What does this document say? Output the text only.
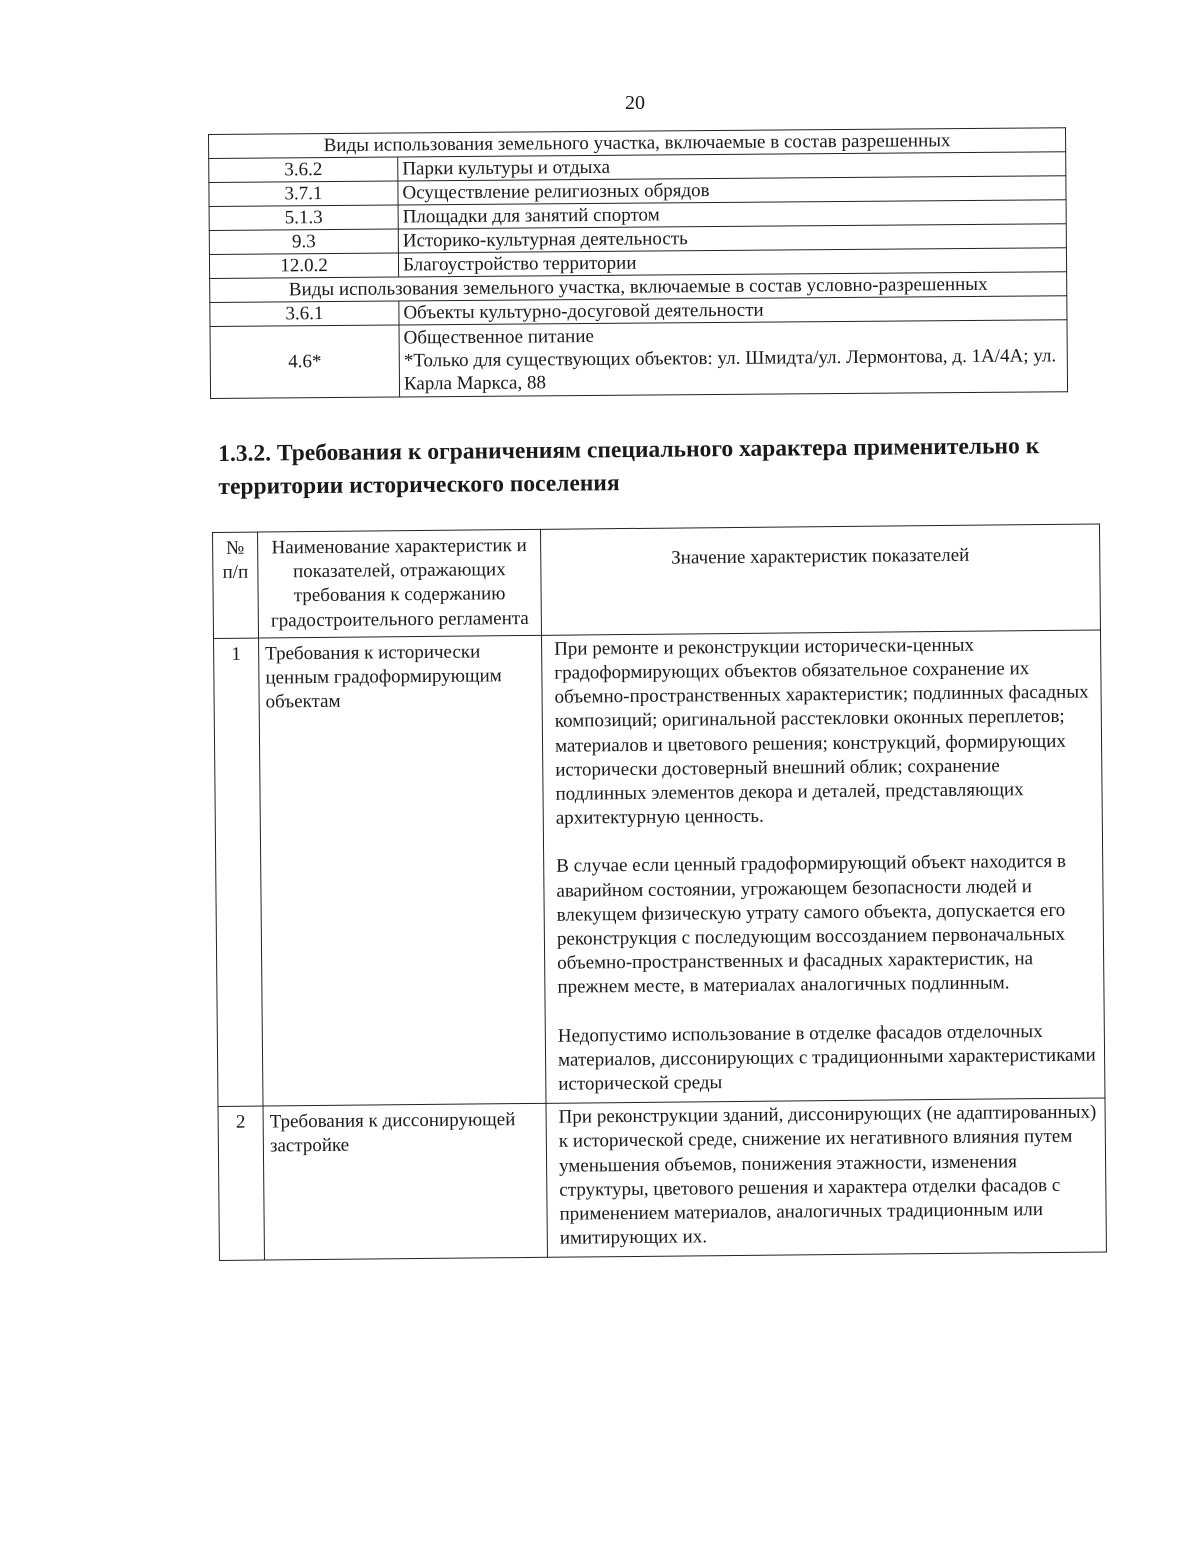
20
Виды использования земельного участка, включаемые в состав разрешенных	
3.6.2	Парки культуры и отдыха
3.7.1	Осуществление религиозных обрядов
5.1.3	Площадки для занятий спортом
9.3	Историко-культурная деятельность
12.0.2	Благоустройство территории
Виды использования земельного участка, включаемые в состав условно-разрешенных	
3.6.1	Объекты культурно-досуговой деятельности
4.6*	Общественное питание
*Только для существующих объектов: ул. Шмидта/ул. Лермонтова, д. 1А/4А; ул. Карла Маркса, 88
1.3.2. Требования к ограничениям специального характера применительно к территории исторического поселения
№ п/п	Наименование характеристик и показателей, отражающих требования к содержанию градостроительного регламента	Значение характеристик показателей
1	Требования к исторически ценным градоформирующим объектам	При ремонте и реконструкции исторически-ценных градоформирующих объектов обязательное сохранение их объемно-пространственных характеристик; подлинных фасадных композиций; оригинальной расстекловки оконных переплетов; материалов и цветового решения; конструкций, формирующих исторически достоверный внешний облик; сохранение подлинных элементов декора и деталей, представляющих архитектурную ценность.

В случае если ценный градоформирующий объект находится в аварийном состоянии, угрожающем безопасности людей и влекущем физическую утрату самого объекта, допускается его реконструкция с последующим воссозданием первоначальных объемно-пространственных и фасадных характеристик, на прежнем месте, в материалах аналогичных подлинным.

Недопустимо использование в отделке фасадов отделочных материалов, диссонирующих с традиционными характеристиками исторической среды

2	Требования к диссонирующей застройке	При реконструкции зданий, диссонирующих (не адаптированных) к исторической среде, снижение их негативного влияния путем уменьшения объемов, понижения этажности, изменения структуры, цветового решения и характера отделки фасадов с применением материалов, аналогичных традиционным или имитирующих их.
